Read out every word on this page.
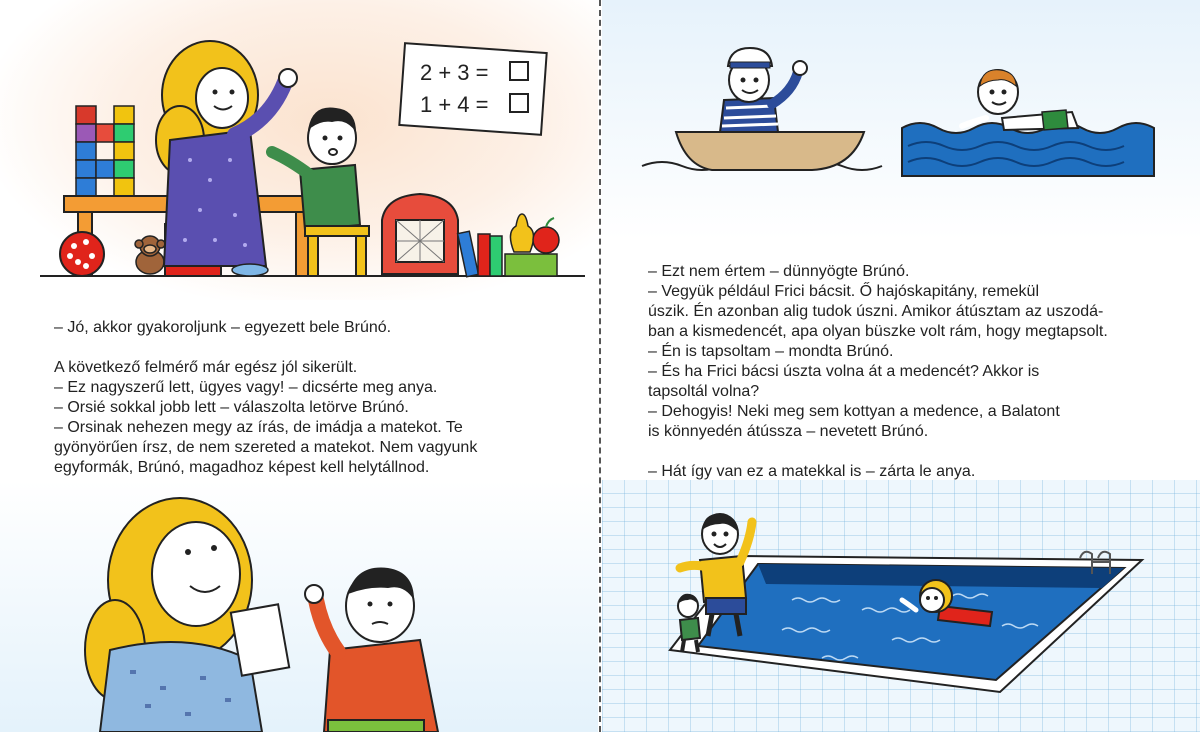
2 + 3 =
1 + 4 =

– Jó, akkor gyakoroljunk – egyezett bele Brúnó.

A következő felmérő már egész jól sikerült.

– Ez nagyszerű lett, ügyes vagy! – dicsérte meg anya.

– Orsié sokkal jobb lett – válaszolta letörve Brúnó.

– Orsinak nehezen megy az írás, de imádja a matekot. Te

gyönyörűen írsz, de nem szereted a matekot. Nem vagyunk

egyformák, Brúnó, magadhoz képest kell helytállnod.

– Ezt nem értem – dünnyögte Brúnó.

– Vegyük például Frici bácsit. Ő hajóskapitány, remekül

úszik. Én azonban alig tudok úszni. Amikor átúsztam az uszodá-

ban a kismedencét, apa olyan büszke volt rám, hogy megtapsolt.

– Én is tapsoltam – mondta Brúnó.

– És ha Frici bácsi úszta volna át a medencét? Akkor is

tapsoltál volna?

– Dehogyis! Neki meg sem kottyan a medence, a Balatont

is könnyedén átússza – nevetett Brúnó.

– Hát így van ez a matekkal is – zárta le anya.
